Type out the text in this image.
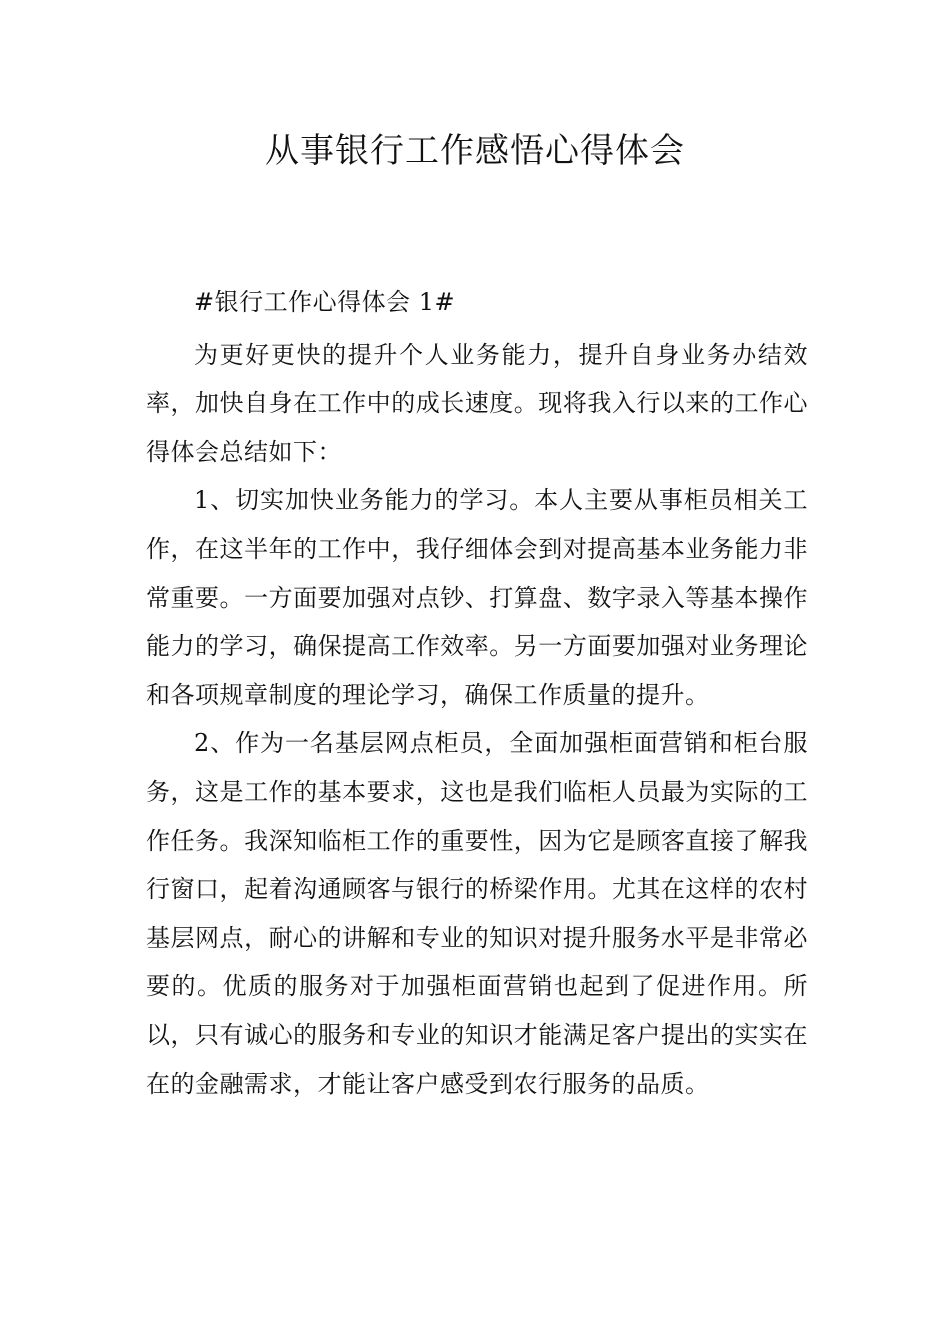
从事银行工作感悟心得体会

#银行工作心得体会 1#

为更好更快的提升个人业务能力，提升自身业务办结效率，加快自身在工作中的成长速度。现将我入行以来的工作心得体会总结如下：

1、切实加快业务能力的学习。本人主要从事柜员相关工作，在这半年的工作中，我仔细体会到对提高基本业务能力非常重要。一方面要加强对点钞、打算盘、数字录入等基本操作能力的学习，确保提高工作效率。另一方面要加强对业务理论和各项规章制度的理论学习，确保工作质量的提升。

2、作为一名基层网点柜员，全面加强柜面营销和柜台服务，这是工作的基本要求，这也是我们临柜人员最为实际的工作任务。我深知临柜工作的重要性，因为它是顾客直接了解我行窗口，起着沟通顾客与银行的桥梁作用。尤其在这样的农村基层网点，耐心的讲解和专业的知识对提升服务水平是非常必要的。优质的服务对于加强柜面营销也起到了促进作用。所以，只有诚心的服务和专业的知识才能满足客户提出的实实在在的金融需求，才能让客户感受到农行服务的品质。
